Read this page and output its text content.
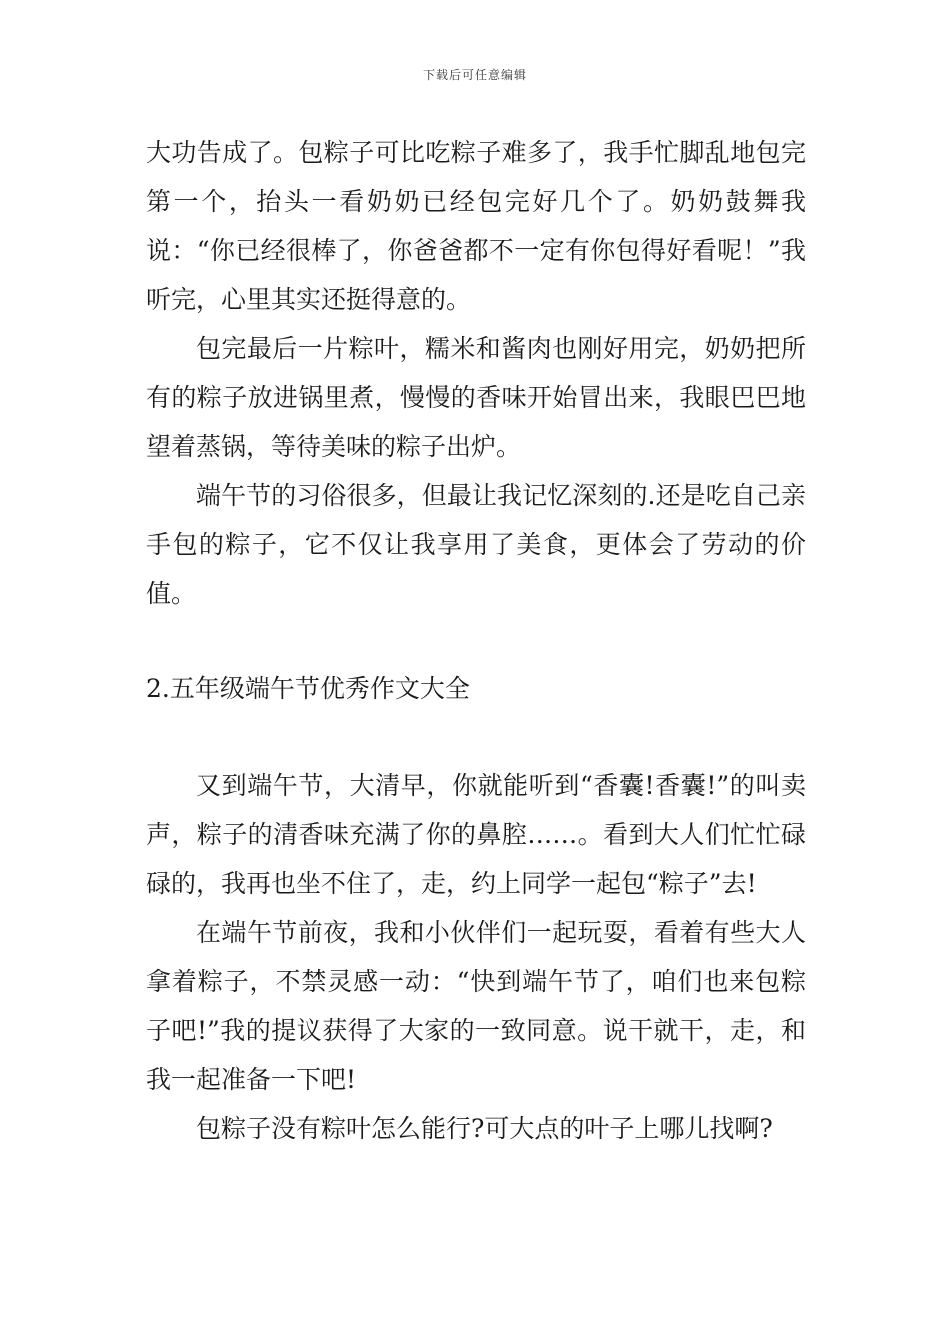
下载后可任意编辑

大功告成了。包粽子可比吃粽子难多了，我手忙脚乱地包完第一个，抬头一看奶奶已经包完好几个了。奶奶鼓舞我说：“你已经很棒了，你爸爸都不一定有你包得好看呢！”我听完，心里其实还挺得意的。

包完最后一片粽叶，糯米和酱肉也刚好用完，奶奶把所有的粽子放进锅里煮，慢慢的香味开始冒出来，我眼巴巴地望着蒸锅，等待美味的粽子出炉。

端午节的习俗很多，但最让我记忆深刻的.还是吃自己亲手包的粽子，它不仅让我享用了美食，更体会了劳动的价值。

2.五年级端午节优秀作文大全

又到端午节，大清早，你就能听到“香囊!香囊!”的叫卖声，粽子的清香味充满了你的鼻腔……。看到大人们忙忙碌碌的，我再也坐不住了，走，约上同学一起包“粽子”去!

在端午节前夜，我和小伙伴们一起玩耍，看着有些大人拿着粽子，不禁灵感一动：“快到端午节了，咱们也来包粽子吧!”我的提议获得了大家的一致同意。说干就干，走，和我一起准备一下吧!

包粽子没有粽叶怎么能行?可大点的叶子上哪儿找啊?
